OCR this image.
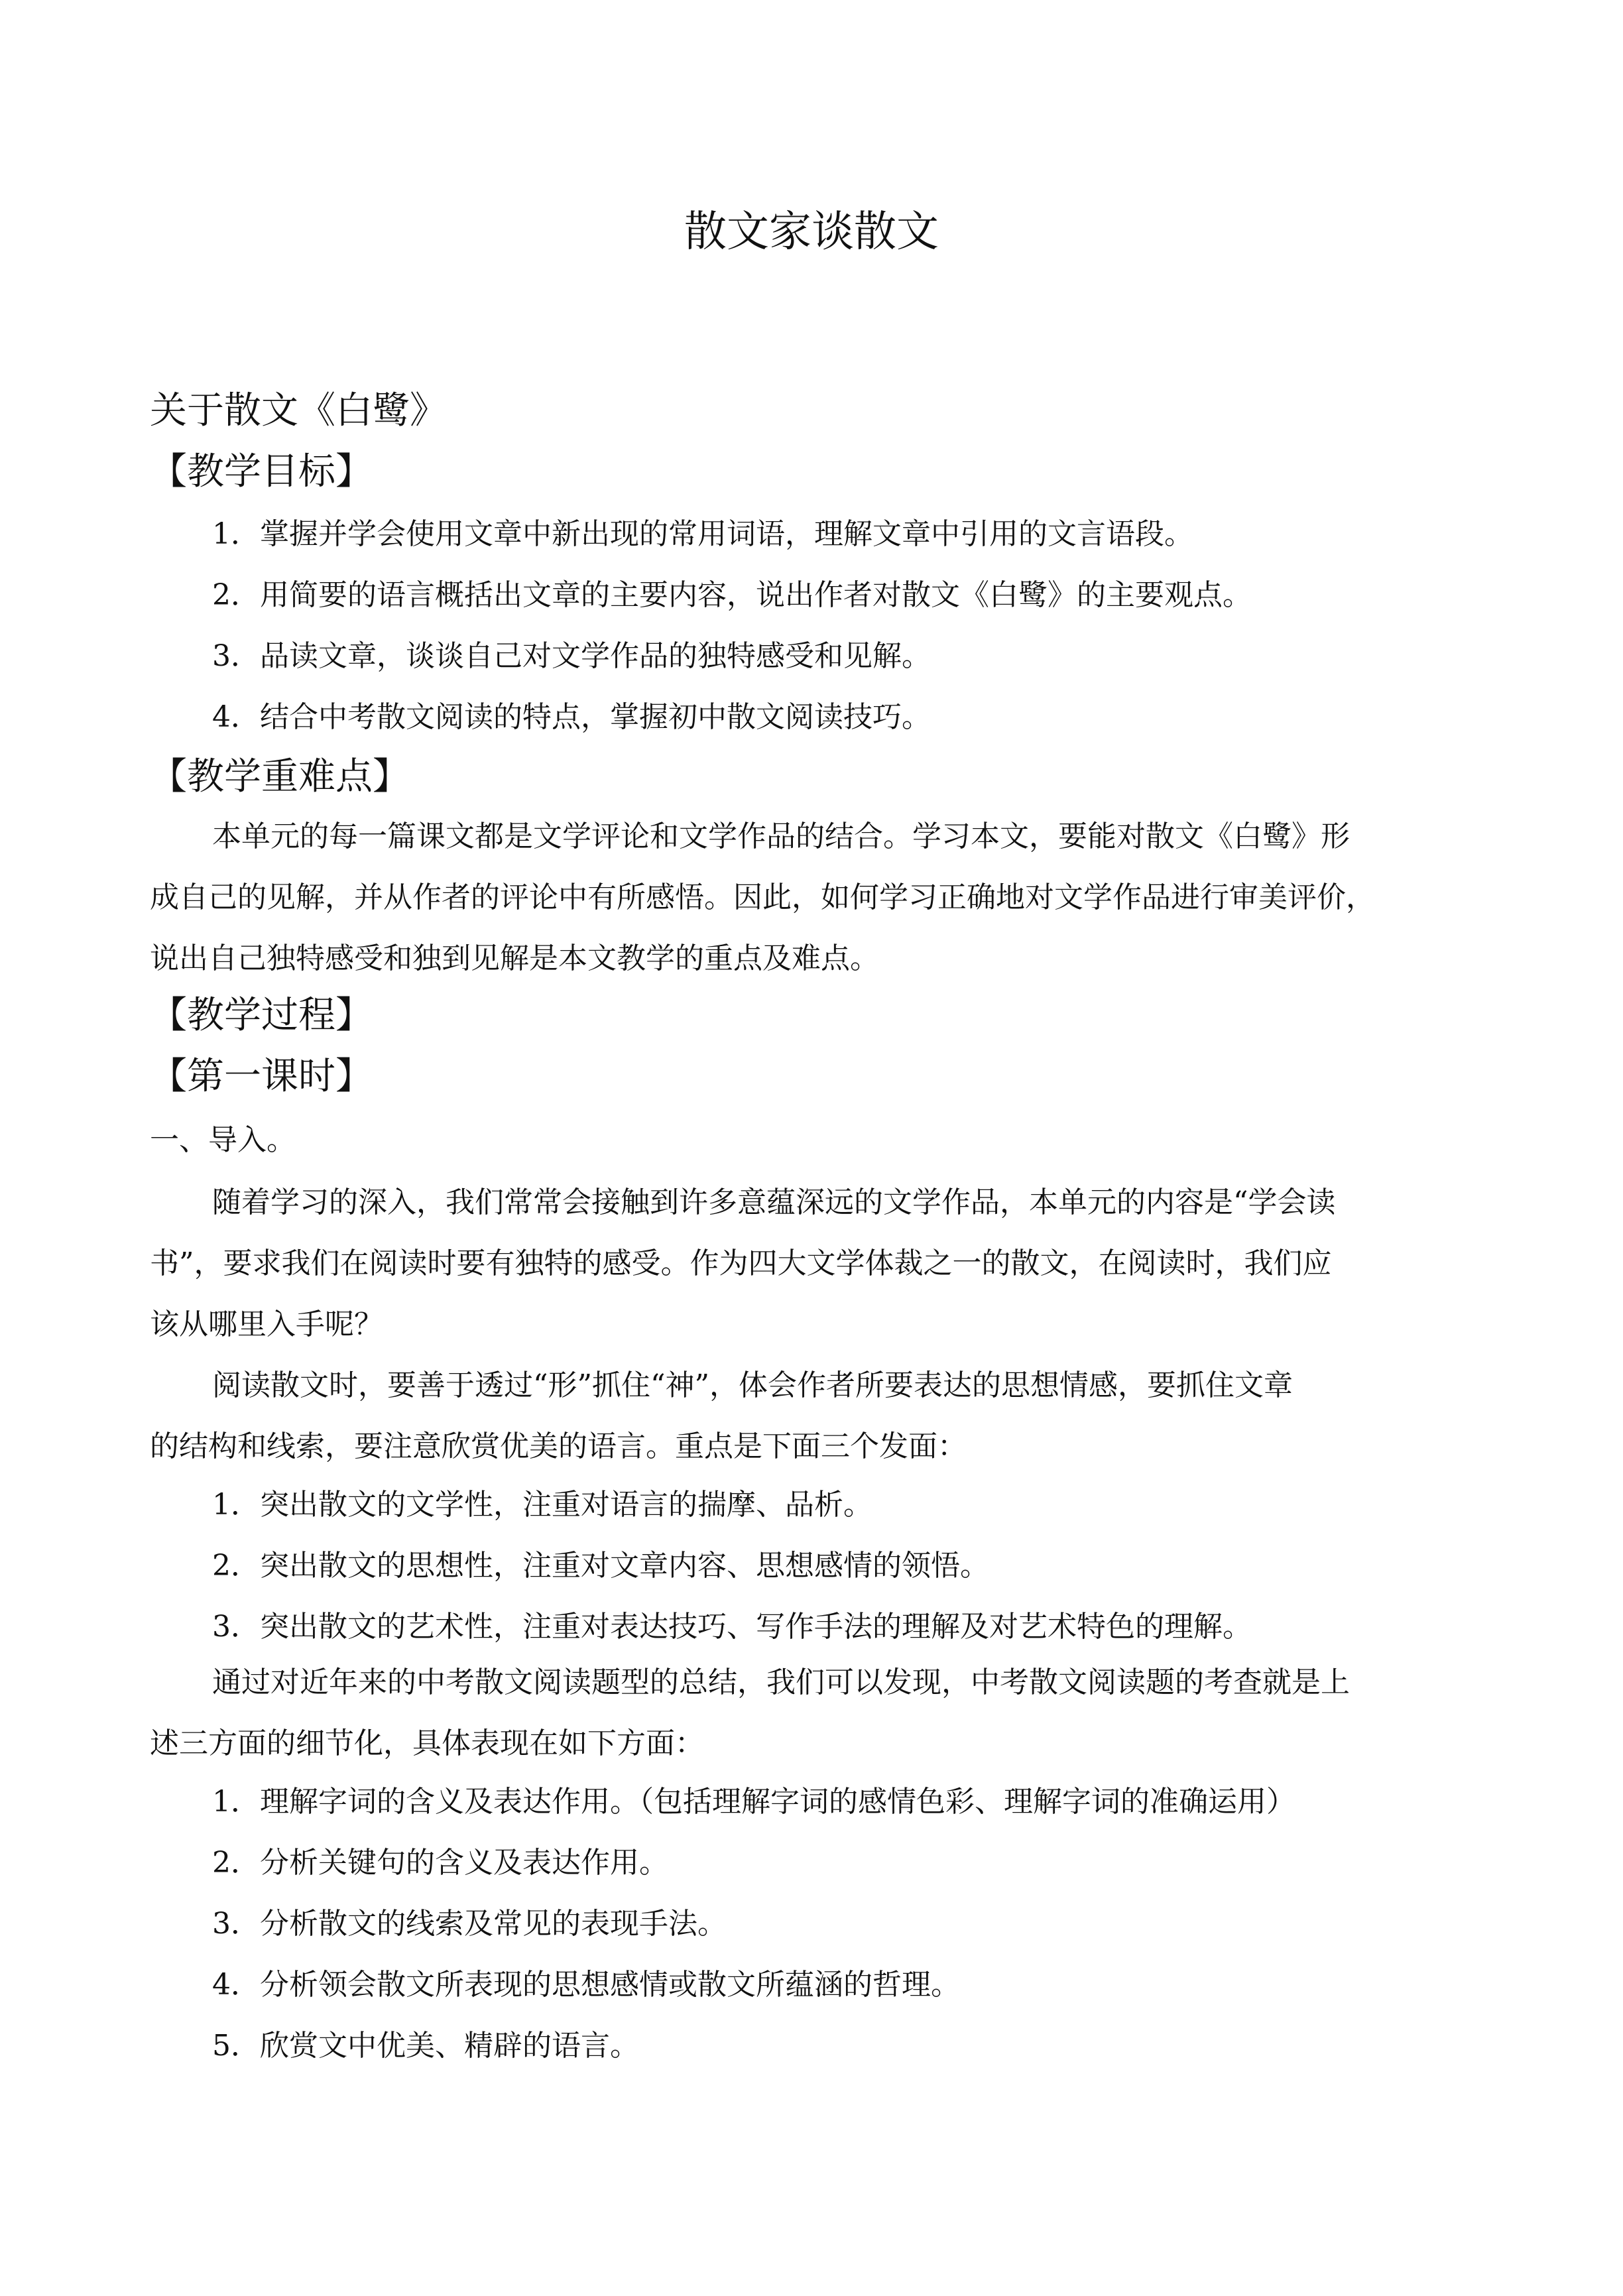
散文家谈散文
关于散文《白鹭》
【教学目标】
1．掌握并学会使用文章中新出现的常用词语，理解文章中引用的文言语段。
2．用简要的语言概括出文章的主要内容，说出作者对散文《白鹭》的主要观点。
3．品读文章，谈谈自己对文学作品的独特感受和见解。
4．结合中考散文阅读的特点，掌握初中散文阅读技巧。
【教学重难点】
本单元的每一篇课文都是文学评论和文学作品的结合。学习本文，要能对散文《白鹭》形
成自己的见解，并从作者的评论中有所感悟。因此，如何学习正确地对文学作品进行审美评价，
说出自己独特感受和独到见解是本文教学的重点及难点。
【教学过程】
【第一课时】
一、导入。
随着学习的深入，我们常常会接触到许多意蕴深远的文学作品，本单元的内容是“学会读
书”，要求我们在阅读时要有独特的感受。作为四大文学体裁之一的散文，在阅读时，我们应
该从哪里入手呢？
阅读散文时，要善于透过“形”抓住“神”，体会作者所要表达的思想情感，要抓住文章
的结构和线索，要注意欣赏优美的语言。重点是下面三个发面：
1．突出散文的文学性，注重对语言的揣摩、品析。
2．突出散文的思想性，注重对文章内容、思想感情的领悟。
3．突出散文的艺术性，注重对表达技巧、写作手法的理解及对艺术特色的理解。
通过对近年来的中考散文阅读题型的总结，我们可以发现，中考散文阅读题的考查就是上
述三方面的细节化，具体表现在如下方面：
1．理解字词的含义及表达作用。（包括理解字词的感情色彩、理解字词的准确运用）
2．分析关键句的含义及表达作用。
3．分析散文的线索及常见的表现手法。
4．分析领会散文所表现的思想感情或散文所蕴涵的哲理。
5．欣赏文中优美、精辟的语言。
